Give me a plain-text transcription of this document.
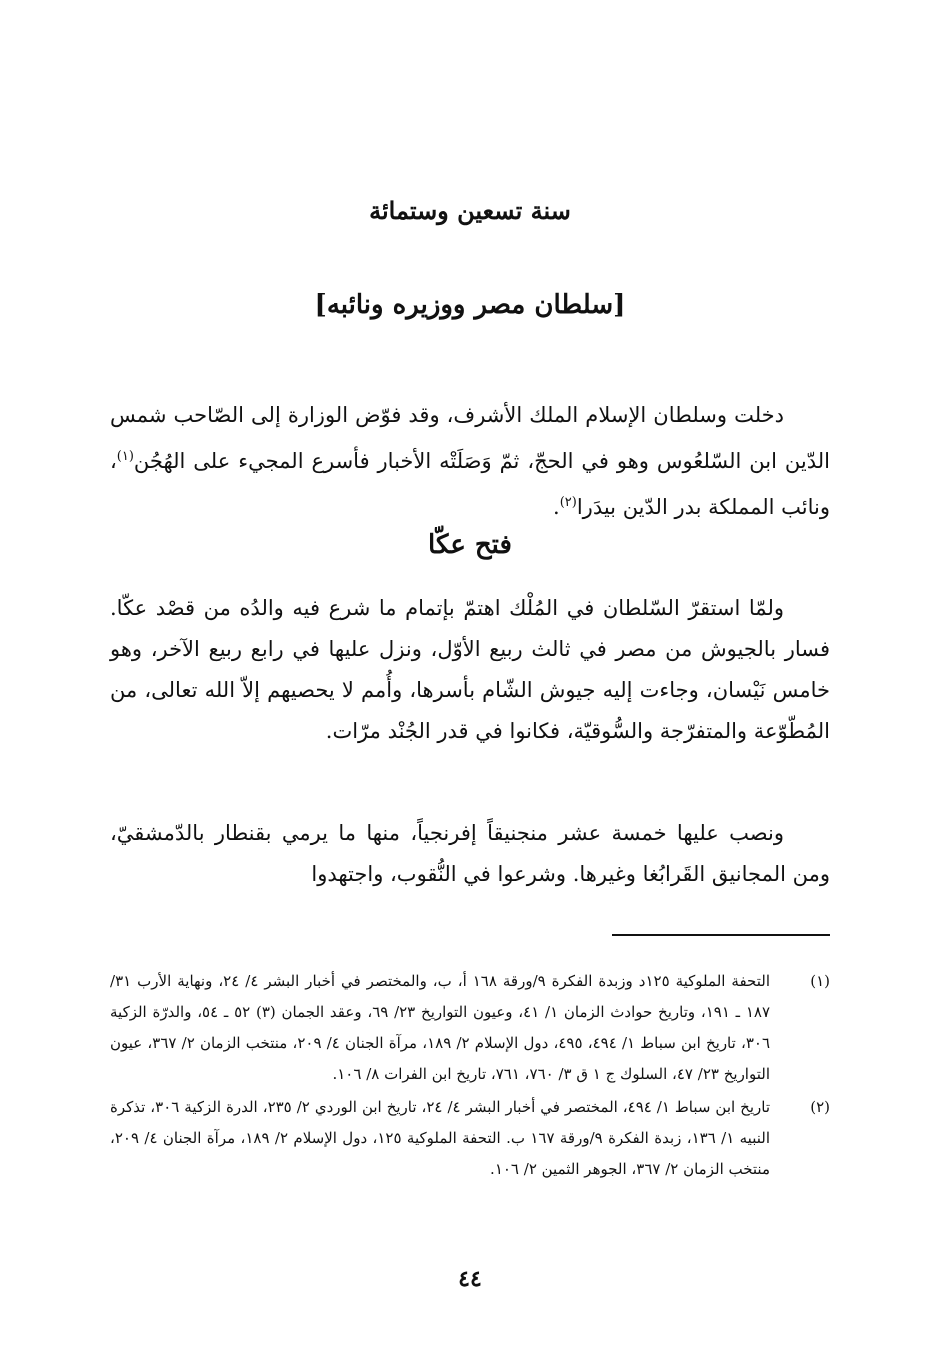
سنة تسعين وستمائة
[سلطان مصر ووزيره ونائبه]

دخلت وسلطان الإسلام الملك الأشرف، وقد فوّض الوزارة إلى الصّاحب شمس الدّين ابن السّلعُوس وهو في الحجّ، ثمّ وَصَلَتْه الأخبار فأسرع المجيء على الهُجُن$^{(١)}$، ونائب المملكة بدر الدّين بيدَرا$^{(٢)}$.

فتح عكّا

ولمّا استقرّ السّلطان في المُلْك اهتمّ بإتمام ما شرع فيه والدُه من قصْد عكّا. فسار بالجيوش من مصر في ثالث ربيع الأوّل، ونزل عليها في رابع ربيع الآخر، وهو خامس نَيْسان، وجاءت إليه جيوش الشّام بأسرها، وأُمم لا يحصيهم إلاّ الله تعالى، من المُطّوّعة والمتفرّجة والسُّوقيّة، فكانوا في قدر الجُنْد مرّات.

ونصب عليها خمسة عشر منجنيقاً إفرنجياً، منها ما يرمي بقنطار بالدّمشقيّ، ومن المجانيق القَرابُغا وغيرها. وشرعوا في النُّقوب، واجتهدوا

(١)
التحفة الملوكية ١٢٥د وزبدة الفكرة ٩/ورقة ١٦٨ أ، ب، والمختصر في أخبار البشر ٤/ ٢٤، ونهاية الأرب ٣١/ ١٨٧ ـ ١٩١، وتاريخ حوادث الزمان ١/ ٤١، وعيون التواريخ ٢٣/ ٦٩، وعقد الجمان (٣) ٥٢ ـ ٥٤، والدرّة الزكية ٣٠٦، تاريخ ابن سباط ١/ ٤٩٤، ٤٩٥، دول الإسلام ٢/ ١٨٩، مرآة الجنان ٤/ ٢٠٩، منتخب الزمان ٢/ ٣٦٧، عيون التواريخ ٢٣/ ٤٧، السلوك ج ١ ق ٣/ ٧٦٠، ٧٦١، تاريخ ابن الفرات ٨/ ١٠٦.
(٢)
تاريخ ابن سباط ١/ ٤٩٤، المختصر في أخبار البشر ٤/ ٢٤، تاريخ ابن الوردي ٢/ ٢٣٥، الدرة الزكية ٣٠٦، تذكرة النبيه ١/ ١٣٦، زبدة الفكرة ٩/ورقة ١٦٧ ب. التحفة الملوكية ١٢٥، دول الإسلام ٢/ ١٨٩، مرآة الجنان ٤/ ٢٠٩، منتخب الزمان ٢/ ٣٦٧، الجوهر الثمين ٢/ ١٠٦.
٤٤
